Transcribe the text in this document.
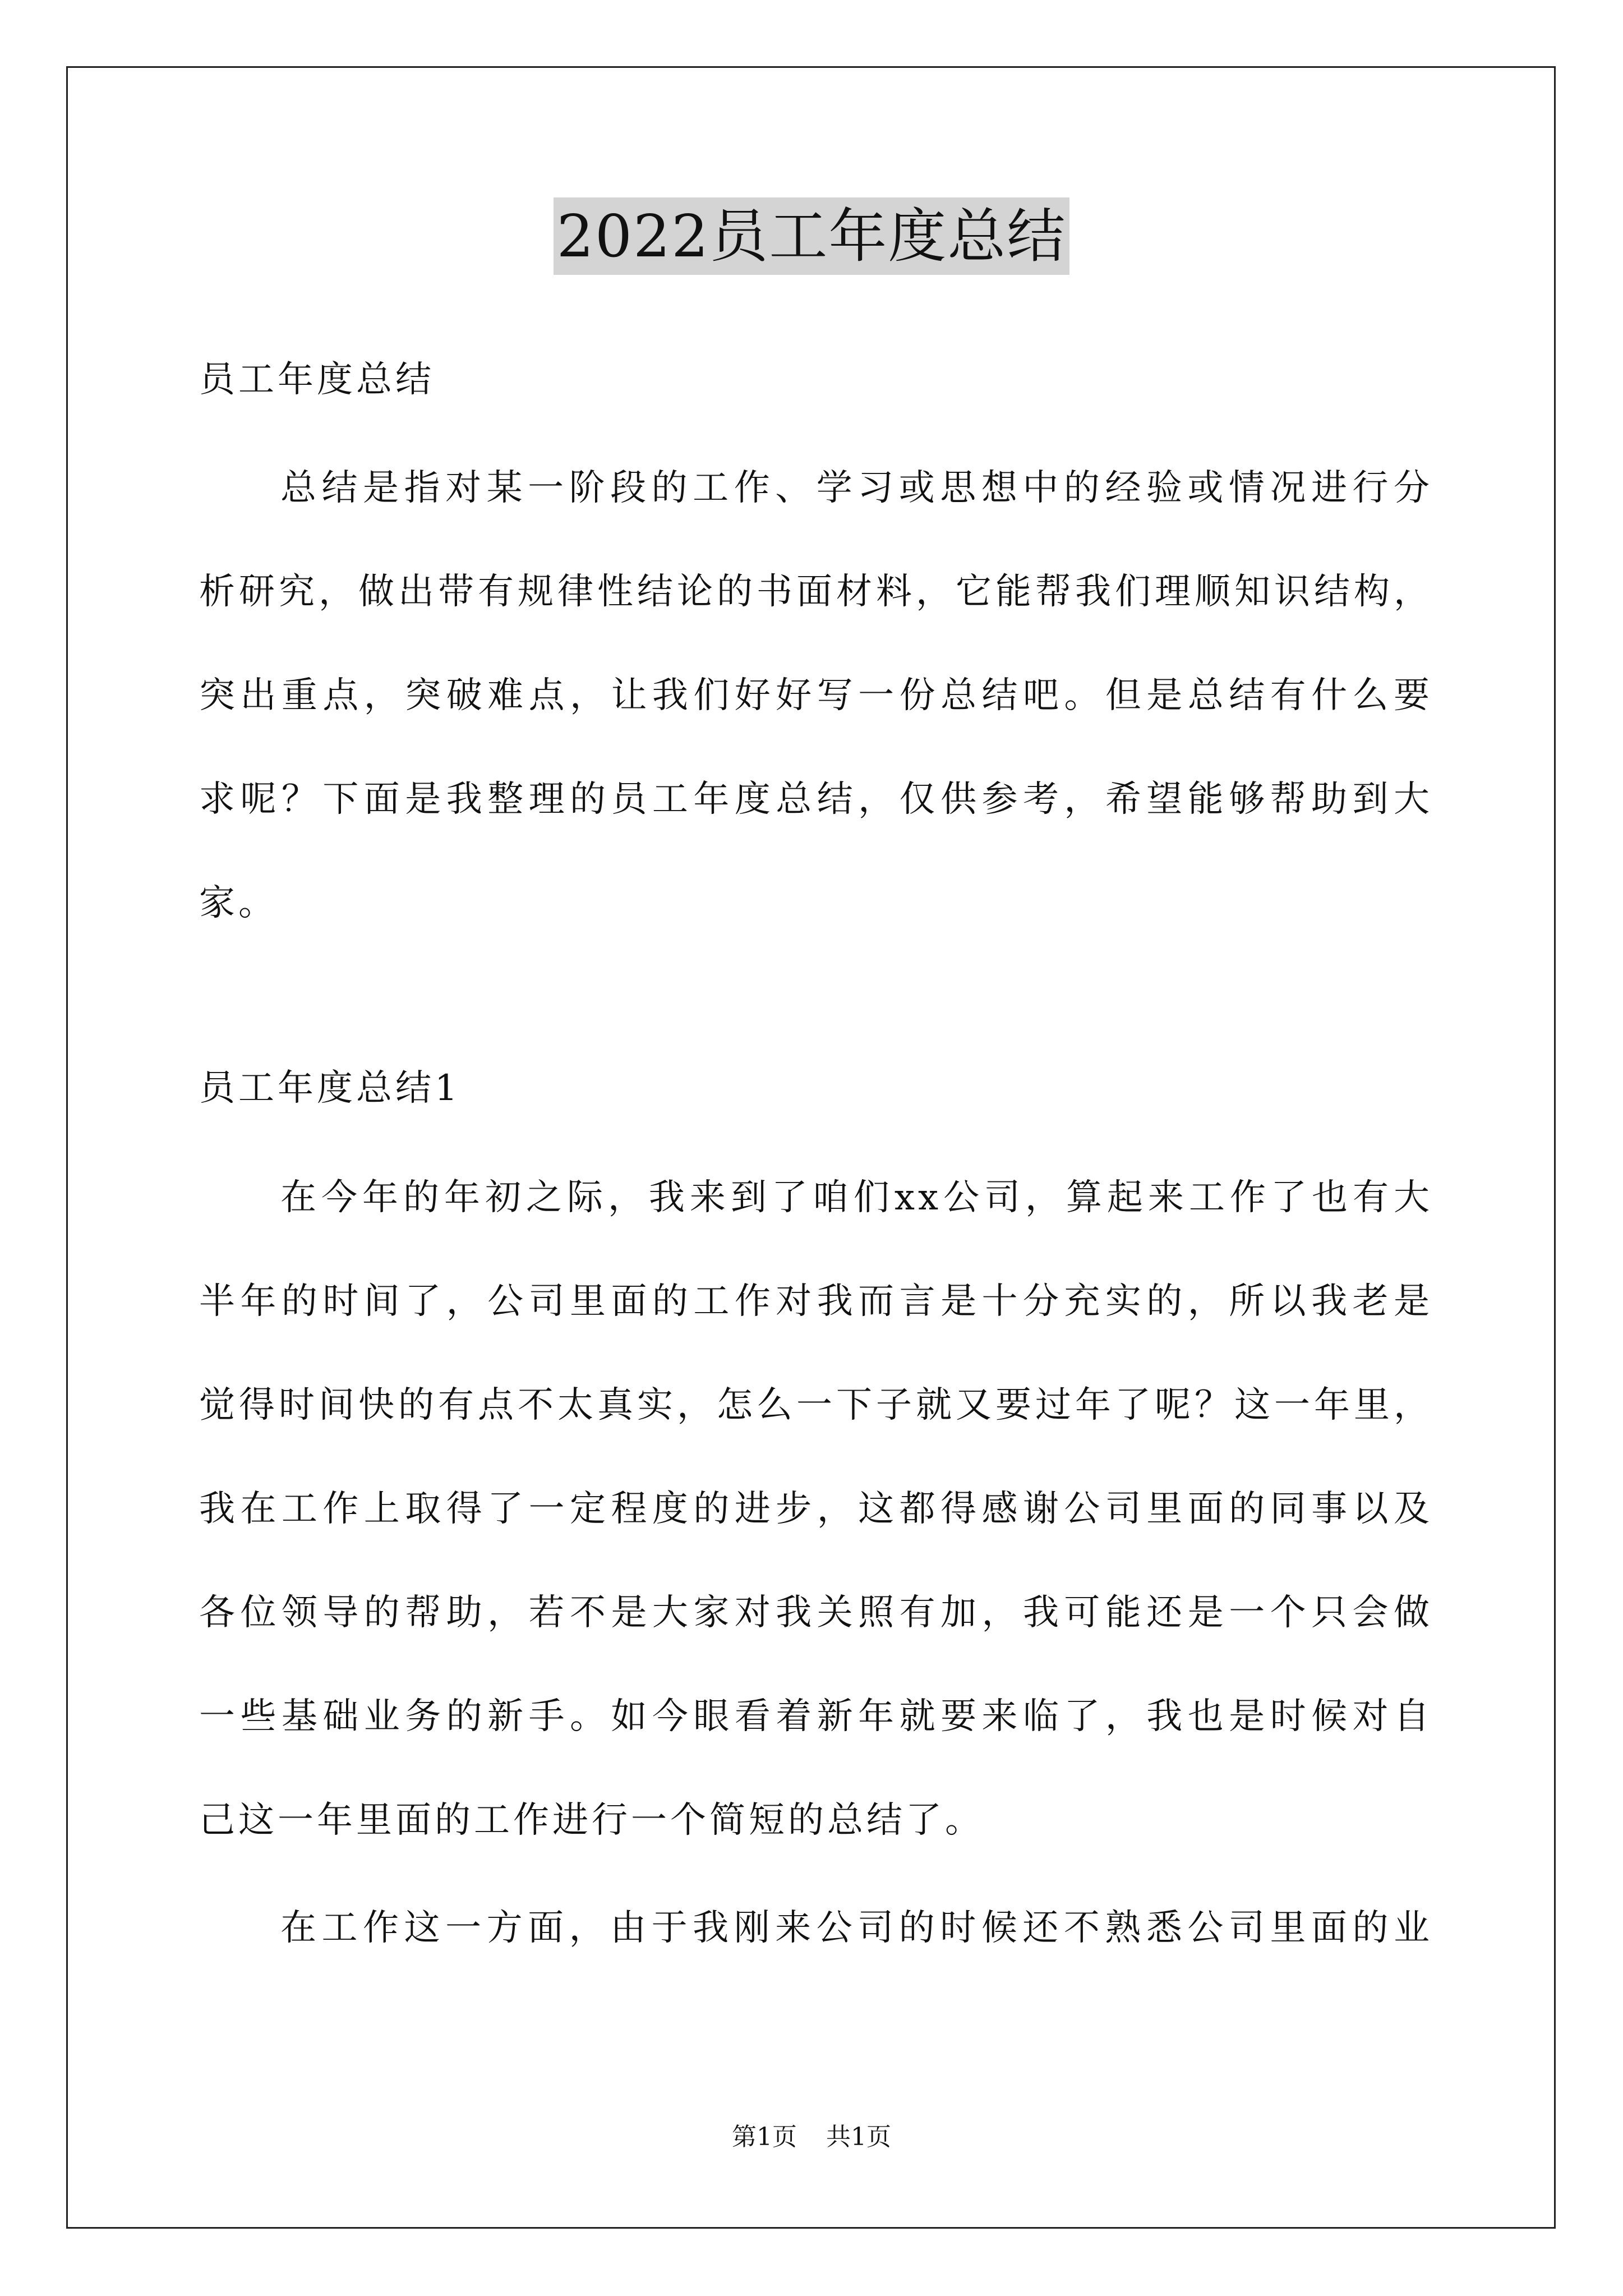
2022员工年度总结
员工年度总结
总结是指对某一阶段的工作、学习或思想中的经验或情况进行分
析研究，做出带有规律性结论的书面材料，它能帮我们理顺知识结构，
突出重点，突破难点，让我们好好写一份总结吧。但是总结有什么要
求呢？下面是我整理的员工年度总结，仅供参考，希望能够帮助到大
家。
员工年度总结1
在今年的年初之际，我来到了咱们xx公司，算起来工作了也有大
半年的时间了，公司里面的工作对我而言是十分充实的，所以我老是
觉得时间快的有点不太真实，怎么一下子就又要过年了呢？这一年里，
我在工作上取得了一定程度的进步，这都得感谢公司里面的同事以及
各位领导的帮助，若不是大家对我关照有加，我可能还是一个只会做
一些基础业务的新手。如今眼看着新年就要来临了，我也是时候对自
己这一年里面的工作进行一个简短的总结了。
在工作这一方面，由于我刚来公司的时候还不熟悉公司里面的业
第1页 共1页
